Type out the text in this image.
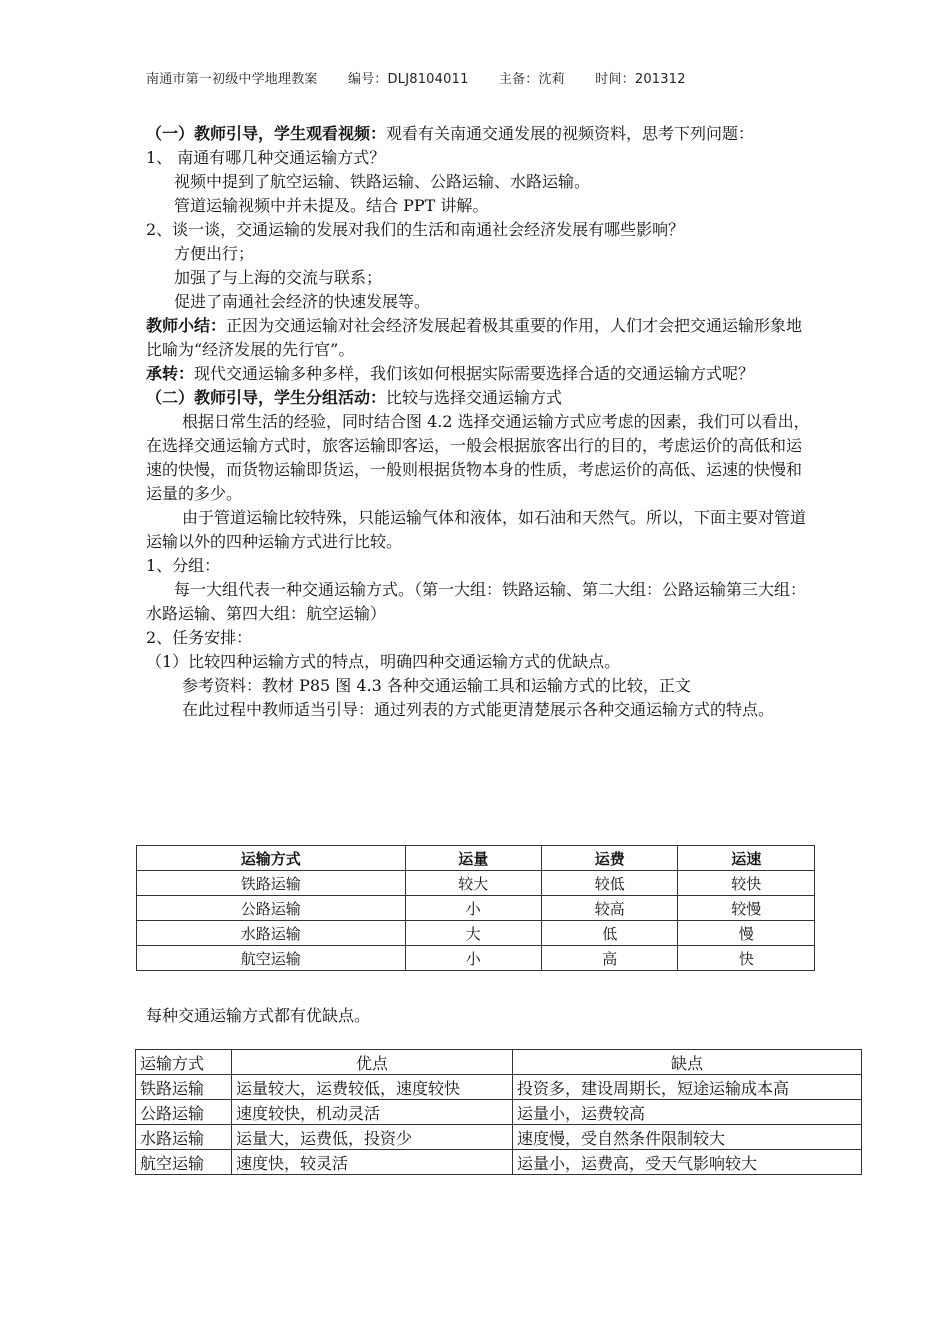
南通市第一初级中学地理教案 编号：DLJ8104011 主备：沈莉 时间：201312

（一）教师引导，学生观看视频：观看有关南通交通发展的视频资料，思考下列问题：

1、 南通有哪几种交通运输方式？

视频中提到了航空运输、铁路运输、公路运输、水路运输。

管道运输视频中并未提及。结合 PPT 讲解。

2、谈一谈，交通运输的发展对我们的生活和南通社会经济发展有哪些影响？

方便出行；

加强了与上海的交流与联系；

促进了南通社会经济的快速发展等。

教师小结：正因为交通运输对社会经济发展起着极其重要的作用，人们才会把交通运输形象地比喻为“经济发展的先行官”。

承转：现代交通运输多种多样，我们该如何根据实际需要选择合适的交通运输方式呢？

（二）教师引导，学生分组活动：比较与选择交通运输方式

根据日常生活的经验，同时结合图 4.2 选择交通运输方式应考虑的因素，我们可以看出，在选择交通运输方式时，旅客运输即客运，一般会根据旅客出行的目的，考虑运价的高低和运速的快慢，而货物运输即货运，一般则根据货物本身的性质，考虑运价的高低、运速的快慢和运量的多少。

由于管道运输比较特殊，只能运输气体和液体，如石油和天然气。所以，下面主要对管道运输以外的四种运输方式进行比较。

1、分组：

每一大组代表一种交通运输方式。（第一大组：铁路运输、第二大组：公路运输第三大组：水路运输、第四大组：航空运输）

2、任务安排：

（1）比较四种运输方式的特点，明确四种交通运输方式的优缺点。

参考资料：教材 P85 图 4.3 各种交通运输工具和运输方式的比较，正文

在此过程中教师适当引导：通过列表的方式能更清楚展示各种交通运输方式的特点。

运输方式	运量	运费	运速
铁路运输	较大	较低	较快
公路运输	小	较高	较慢
水路运输	大	低	慢
航空运输	小	高	快

每种交通运输方式都有优缺点。

运输方式	优点	缺点
铁路运输	运量较大，运费较低，速度较快	投资多，建设周期长，短途运输成本高
公路运输	速度较快，机动灵活	运量小，运费较高
水路运输	运量大，运费低，投资少	速度慢，受自然条件限制较大
航空运输	速度快，较灵活	运量小，运费高，受天气影响较大
